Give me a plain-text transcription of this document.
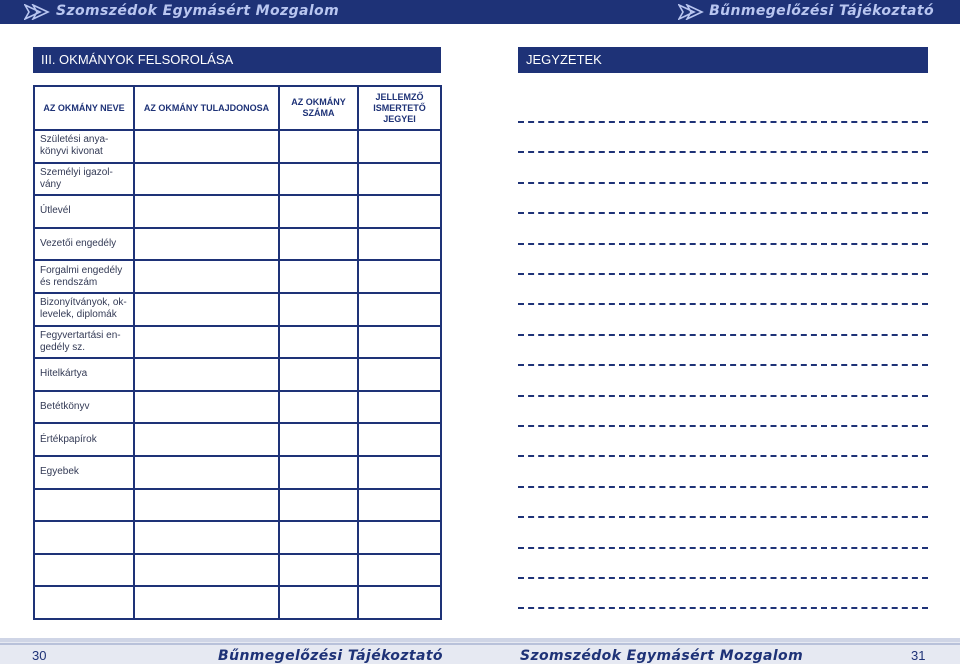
Szomszédok Egymásért Mozgalom	Bűnmegelőzési Tájékoztató
III. OKMÁNYOK FELSOROLÁSA	JEGYZETEK
AZ OKMÁNY NEVE	AZ OKMÁNY TULAJDONOSA	AZ OKMÁNY SZÁMA	JELLEMZŐ ISMERTETŐ JEGYEI
Születési anya-könyvi kivonat			
Személyi igazol-vány			
Útlevél			
Vezetői engedély			
Forgalmi engedély és rendszám			
Bizonyítványok, ok-levelek, diplomák			
Fegyvertartási en-gedély sz.			
Hitelkártya			
Betétkönyv			
Értékpapírok			
Egyebek			

30	Bűnmegelőzési Tájékoztató	Szomszédok Egymásért Mozgalom	31
